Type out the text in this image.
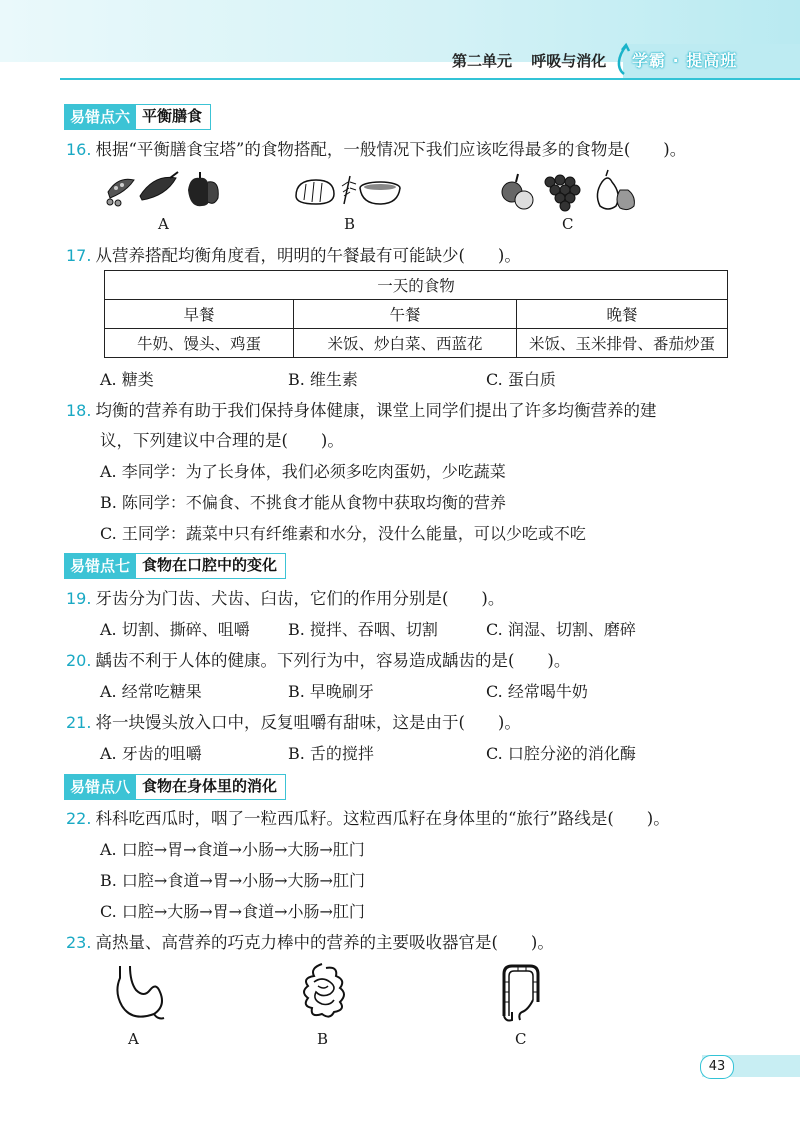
第二单元 呼吸与消化	学霸 · 提高班
易错点六 平衡膳食
16. 根据“平衡膳食宝塔”的食物搭配，一般情况下我们应该吃得最多的食物是(　　)。
A	B	C
17. 从营养搭配均衡角度看，明明的午餐最有可能缺少(　　)。
一天的食物		
早餐	午餐	晚餐
牛奶、馒头、鸡蛋	米饭、炒白菜、西蓝花	米饭、玉米排骨、番茄炒蛋
A. 糖类	B. 维生素	C. 蛋白质
18. 均衡的营养有助于我们保持身体健康，课堂上同学们提出了许多均衡营养的建
议，下列建议中合理的是(　　)。
A. 李同学：为了长身体，我们必须多吃肉蛋奶，少吃蔬菜
B. 陈同学：不偏食、不挑食才能从食物中获取均衡的营养
C. 王同学：蔬菜中只有纤维素和水分，没什么能量，可以少吃或不吃
易错点七 食物在口腔中的变化
19. 牙齿分为门齿、犬齿、臼齿，它们的作用分别是(　　)。
A. 切割、撕碎、咀嚼 B. 搅拌、吞咽、切割	C. 润湿、切割、磨碎
20. 龋齿不利于人体的健康。下列行为中，容易造成龋齿的是(　　)。
A. 经常吃糖果	B. 早晚刷牙	C. 经常喝牛奶
21. 将一块馒头放入口中，反复咀嚼有甜味，这是由于(　　)。
A. 牙齿的咀嚼	B. 舌的搅拌	C. 口腔分泌的消化酶
易错点八 食物在身体里的消化
22. 科科吃西瓜时，咽了一粒西瓜籽。这粒西瓜籽在身体里的“旅行”路线是(　　)。
A. 口腔→胃→食道→小肠→大肠→肛门
B. 口腔→食道→胃→小肠→大肠→肛门
C. 口腔→大肠→胃→食道→小肠→肛门
23. 高热量、高营养的巧克力棒中的营养的主要吸收器官是(　　)。
A	B	C
43
